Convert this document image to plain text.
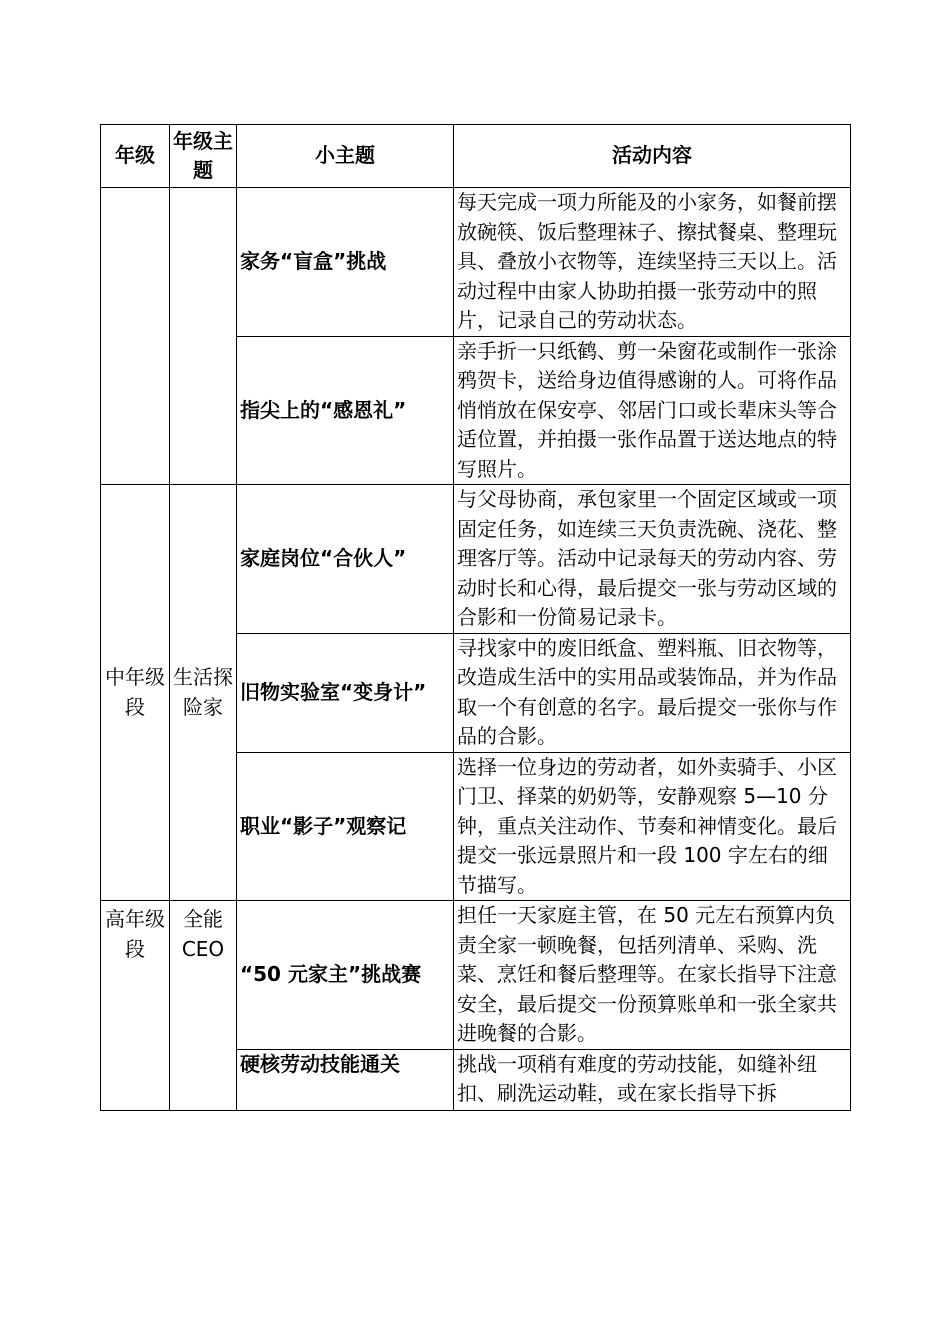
年级	年级主题	小主题	活动内容
		家务“盲盒”挑战	每天完成一项力所能及的小家务，如餐前摆放碗筷、饭后整理袜子、擦拭餐桌、整理玩具、叠放小衣物等，连续坚持三天以上。活动过程中由家人协助拍摄一张劳动中的照片，记录自己的劳动状态。
		指尖上的“感恩礼”	亲手折一只纸鹤、剪一朵窗花或制作一张涂鸦贺卡，送给身边值得感谢的人。可将作品悄悄放在保安亭、邻居门口或长辈床头等合适位置，并拍摄一张作品置于送达地点的特写照片。
中年级段	生活探险家	家庭岗位“合伙人”	与父母协商，承包家里一个固定区域或一项固定任务，如连续三天负责洗碗、浇花、整理客厅等。活动中记录每天的劳动内容、劳动时长和心得，最后提交一张与劳动区域的合影和一份简易记录卡。
		旧物实验室“变身计”	寻找家中的废旧纸盒、塑料瓶、旧衣物等，改造成生活中的实用品或装饰品，并为作品取一个有创意的名字。最后提交一张你与作品的合影。
		职业“影子”观察记	选择一位身边的劳动者，如外卖骑手、小区门卫、择菜的奶奶等，安静观察 5—10 分钟，重点关注动作、节奏和神情变化。最后提交一张远景照片和一段 100 字左右的细节描写。
高年级段	全能CEO	“50 元家主”挑战赛	担任一天家庭主管，在 50 元左右预算内负责全家一顿晚餐，包括列清单、采购、洗菜、烹饪和餐后整理等。在家长指导下注意安全，最后提交一份预算账单和一张全家共进晚餐的合影。
		硬核劳动技能通关	挑战一项稍有难度的劳动技能，如缝补纽扣、刷洗运动鞋，或在家长指导下拆
